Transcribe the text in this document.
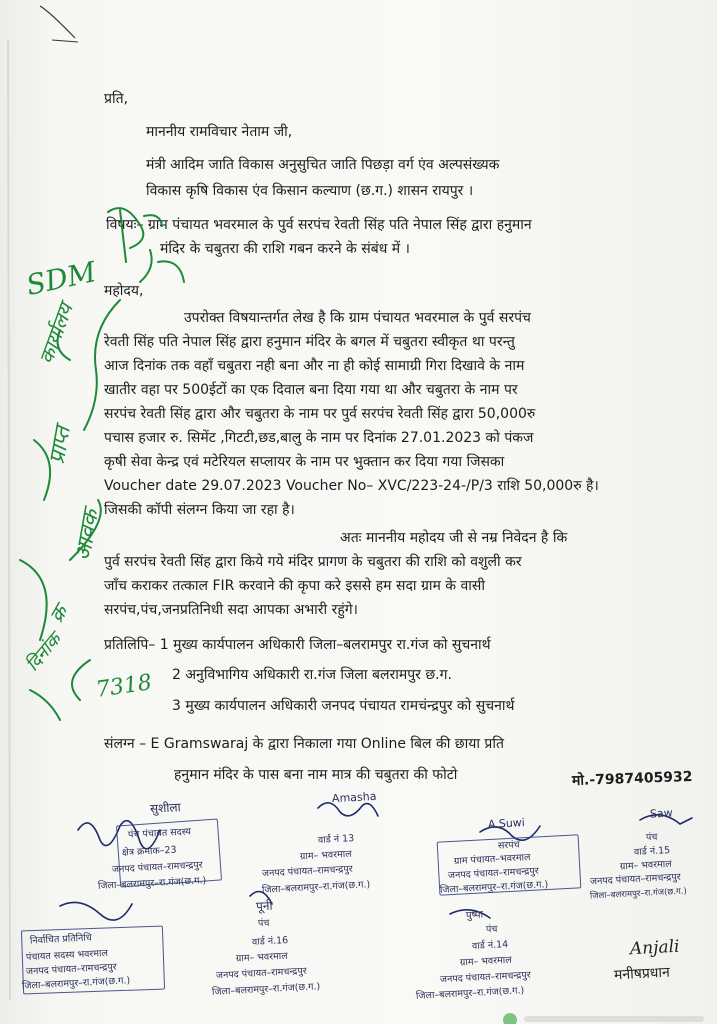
प्रति,
माननीय रामविचार नेताम जी,
मंत्री आदिम जाति विकास अनुसुचित जाति पिछड़ा वर्ग एंव अल्पसंख्यक
विकास कृषि विकास एंव किसान कल्याण (छ.ग.) शासन रायपुर ।
विषयः– ग्राम पंचायत भवरमाल के पुर्व सरपंच रेवती सिंह पति नेपाल सिंह द्वारा हनुमान
मंदिर के चबुतरा की राशि गबन करने के संबंध में ।
महोदय,
उपरोक्त विषयान्तर्गत लेख है कि ग्राम पंचायत भवरमाल के पुर्व सरपंच
रेवती सिंह पति नेपाल सिंह द्वारा हनुमान मंदिर के बगल में चबुतरा स्वीकृत था परन्तु
आज दिनांक तक वहाँ चबुतरा नही बना और ना ही कोई सामाग्री गिरा दिखावे के नाम
खातीर वहा पर 500ईटों का एक दिवाल बना दिया गया था और चबुतरा के नाम पर
सरपंच रेवती सिंह द्वारा और चबुतरा के नाम पर पुर्व सरपंच रेवती सिंह द्वारा 50,000रु
पचास हजार रु. सिमेंट ,गिटटी,छड,बालु के नाम पर दिनांक 27.01.2023 को पंकज
कृषी सेवा केन्द्र एवं मटेरियल सप्लायर के नाम पर भुक्तान कर दिया गया जिसका
Voucher date 29.07.2023 Voucher No– XVC/223-24-/P/3 राशि 50,000रु है।
जिसकी कॉपी संलग्न किया जा रहा है।
अतः माननीय महोदय जी से नम्र निवेदन है कि
पुर्व सरपंच रेवती सिंह द्वारा किये गये मंदिर प्रागण के चबुतरा की राशि को वशुली कर
जाँच कराकर तत्काल FIR करवाने की कृपा करे इससे हम सदा ग्राम के वासी
सरपंच,पंच,जनप्रतिनिधी सदा आपका अभारी रहुंगे।
प्रतिलिपि– 1 मुख्य कार्यपालन अधिकारी जिला–बलरामपुर रा.गंज को सुचनार्थ
2 अनुविभागिय अधिकारी रा.गंज जिला बलरामपुर छ.ग.
3 मुख्य कार्यपालन अधिकारी जनपद पंचायत रामचंन्द्रपुर को सुचनार्थ
संलग्न – E Gramswaraj के द्वारा निकाला गया Online बिल की छाया प्रति
हनुमान मंदिर के पास बना नाम मात्र की चबुतरा की फोटो	मो.-7987405932
SDM
कार्यालय
प्राप्त
आवक
क्र
दिनांक
7318
सुशीला
पंच पंचायत सदस्य
क्षेत्र क्रमांक–23
जनपद पंचायत–रामचन्द्रपुर
जिला–बलरामपुर–रा.गंज(छ.ग.)
Amasha
वार्ड नं 13
ग्राम– भवरमाल
जनपद पंचायत–रामचन्द्रपुर
जिला–बलरामपुर–रा.गंज(छ.ग.)
A.Suwi
सरपंच
ग्राम पंचायत–भवरमाल
जनपद पंचायत–रामचन्द्रपुर
जिला–बलरामपुर–रा.गंज(छ.ग.)
Saw
पंच
वार्ड नं.15
ग्राम– भवरमाल
जनपद पंचायत–रामचन्द्रपुर
जिला–बलरामपुर–रा.गंज(छ.ग.)
निर्वाचित प्रतिनिधि
पंचायत सदस्य भवरमाल
जनपद पंचायत–रामचन्द्रपुर
जिला–बलरामपुर–रा.गंज(छ.ग.)
पूनी
पंच
वार्ड नं.16
ग्राम– भवरमाल
जनपद पंचायत–रामचन्द्रपुर
जिला–बलरामपुर–रा.गंज(छ.ग.)
पुष्पा
पंच
वार्ड नं.14
ग्राम– भवरमाल
जनपद पंचायत–रामचन्द्रपुर
जिला–बलरामपुर–रा.गंज(छ.ग.)
Anjali
मनीषप्रधान
